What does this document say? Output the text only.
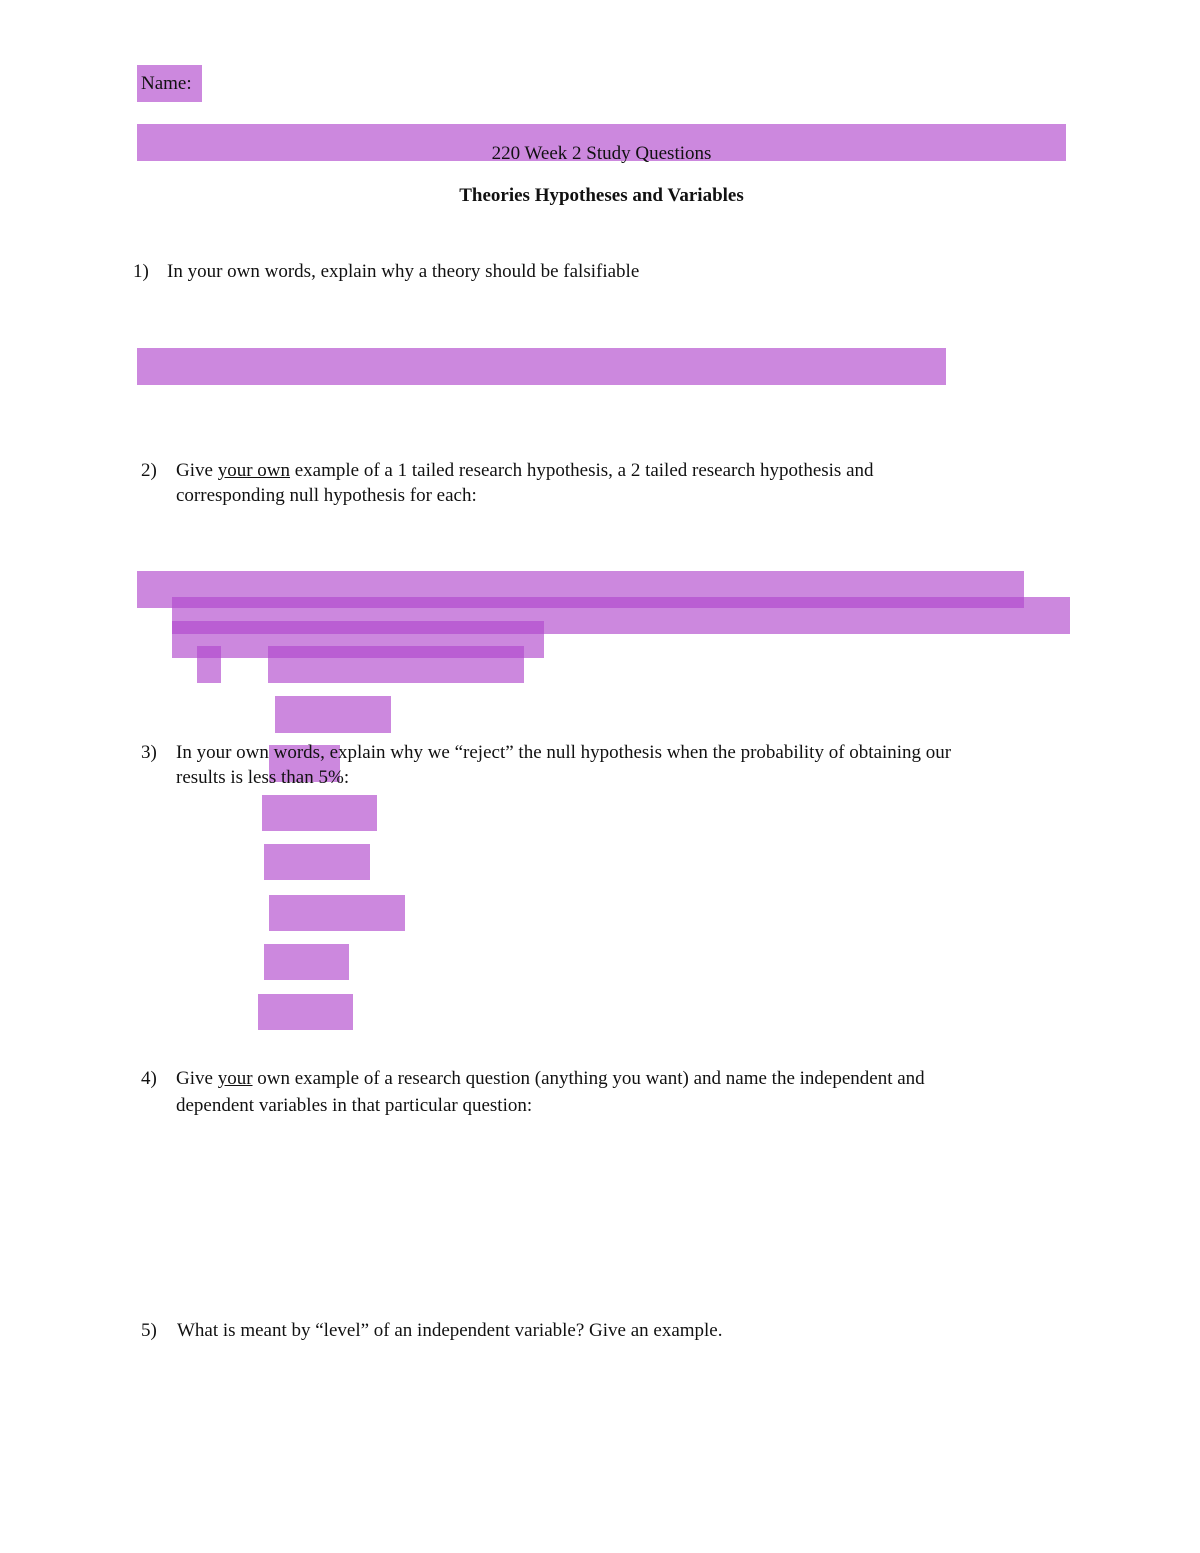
Name:
220 Week 2 Study Questions
Theories Hypotheses and Variables
1) In your own words, explain why a theory should be falsifiable
2) Give your own example of a 1 tailed research hypothesis, a 2 tailed research hypothesis and
corresponding null hypothesis for each:
3) In your own words, explain why we “reject” the null hypothesis when the probability of obtaining our
results is less than 5%:
4) Give your own example of a research question (anything you want) and name the independent and
dependent variables in that particular question:
5) What is meant by “level” of an independent variable? Give an example.
